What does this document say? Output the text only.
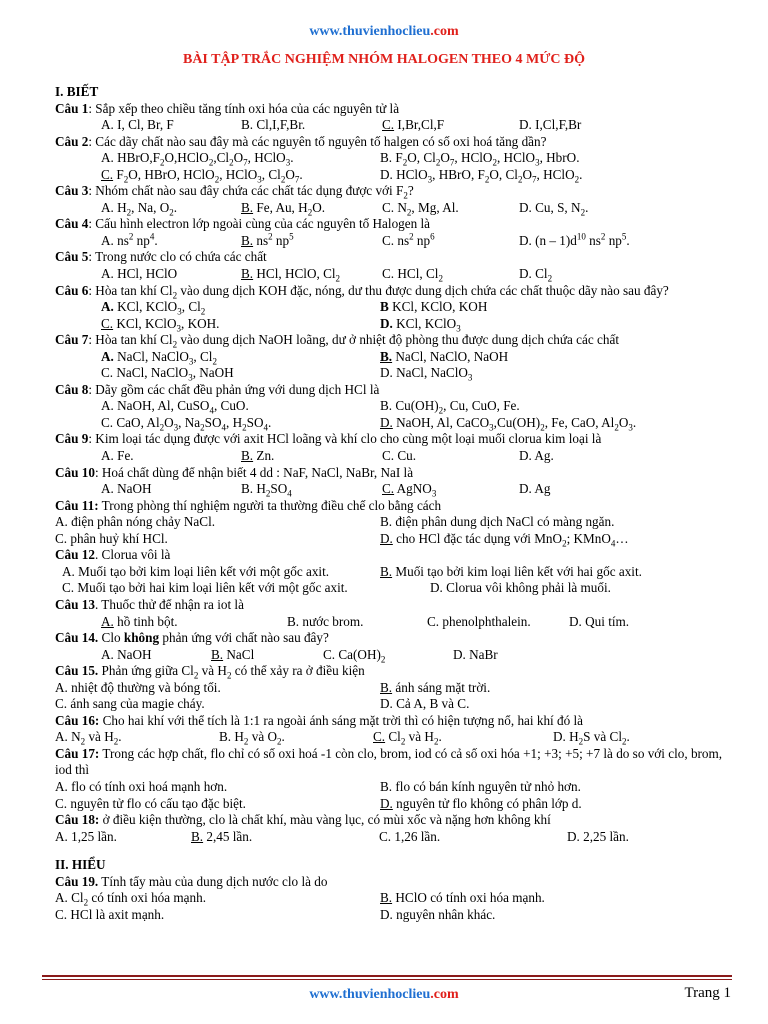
www.thuvienhoclieu.com
BÀI TẬP TRẮC NGHIỆM NHÓM HALOGEN THEO 4 MỨC ĐỘ
I. BIẾT
Câu 1: Sắp xếp theo chiều tăng tính oxi hóa của các nguyên tử là
A. I, Cl, Br, F	B. Cl,I,F,Br.	C. I,Br,Cl,F	D. I,Cl,F,Br
Câu 2: Các dãy chất nào sau đây mà các nguyên tố nguyên tố halgen có số oxi hoá tăng dần?
A. $HBrO,F_2O,HClO_2,Cl_2O_7$, HClO$_3$.	B. $F_2O$, $Cl_2O_7$, HClO$_2$, HClO$_3$, HbrO.
C. $F_2O$, HBrO, HClO$_2$, HClO$_3$, $Cl_2O_7$.	D. HClO$_3$, HBrO, $F_2O$, $Cl_2O_7$, HClO$_2$.
Câu 3: Nhóm chất nào sau đây chứa các chất tác dụng được với $F_2$?
A. $H_2$, Na, $O_2$.	B. Fe, Au, $H_2O$.	C. $N_2$, Mg, Al.	D. Cu, S, $N_2$.
Câu 4: Cấu hình electron lớp ngoài cùng của các nguyên tố Halogen là
A. $ns^2$ $np^4$.	B. $ns^2$ $np^5$	C. $ns^2$ $np^6$	D. $(n - 1)d^{10}$ $ns^2$ $np^5$.
Câu 5: Trong nước clo có chứa các chất
A. HCl, HClO	B. HCl, HClO, $Cl_2$	C. HCl, $Cl_2$	D. $Cl_2$
Câu 6: Hòa tan khí $Cl_2$ vào dung dịch KOH đặc, nóng, dư thu được dung dịch chứa các chất thuộc dãy nào sau đây?
A. KCl, KClO$_3$, $Cl_2$	B KCl, KClO, KOH
C. KCl, KClO$_3$, KOH.	D. KCl, KClO$_3$
Câu 7: Hòa tan khí $Cl_2$ vào dung dịch NaOH loãng, dư ở nhiệt độ phòng thu được dung dịch chứa các chất
A. NaCl, NaClO$_3$, $Cl_2$	B. NaCl, NaClO, NaOH
C. NaCl, NaClO$_3$, NaOH	D. NaCl, NaClO$_3$
Câu 8: Dãy gồm các chất đều phản ứng với dung dịch HCl là
A. NaOH, Al, CuSO$_4$, CuO.	B. $Cu(OH)_2$, Cu, CuO, Fe.
C. CaO, $Al_2O_3$, $Na_2SO_4$, $H_2SO_4$.	D. NaOH, Al, $CaCO_3,Cu(OH)_2$, Fe, CaO, $Al_2O_3$.
Câu 9: Kim loại tác dụng được với axit HCl loãng và khí clo cho cùng một loại muối clorua kim loại là
A. Fe.	B. Zn.	C. Cu.	D. Ag.
Câu 10: Hoá chất dùng để nhận biết 4 dd : NaF, NaCl, NaBr, NaI là
A. NaOH	B. $H_2SO_4$	C. AgNO$_3$	D. Ag
Câu 11: Trong phòng thí nghiệm người ta thường điều chế clo bằng cách
A. điện phân nóng chảy NaCl.	B. điện phân dung dịch NaCl có màng ngăn.
C. phân huỷ khí HCl.	D. cho HCl đặc tác dụng với MnO$_2$; KMnO$_4$…
Câu 12. Clorua vôi là
A. Muối tạo bởi kim loại liên kết với một gốc axit.	B. Muối tạo bởi kim loại liên kết với hai gốc axit.
C. Muối tạo bởi hai kim loại liên kết với một gốc axit.	D. Clorua vôi không phải là muối.
Câu 13. Thuốc thử để nhận ra iot là
A. hồ tinh bột.	B. nước brom.	C. phenolphthalein.	D. Qui tím.
Câu 14. Clo không phản ứng với chất nào sau đây?
A. NaOH	B. NaCl	C. $Ca(OH)_2$	D. NaBr
Câu 15. Phản ứng giữa $Cl_2$ và $H_2$ có thể xảy ra ở điều kiện
A. nhiệt độ thường và bóng tối.	B. ánh sáng mặt trời.
C. ánh sang của magie cháy.	D. Cả A, B và C.
Câu 16: Cho hai khí với thể tích là 1:1 ra ngoài ánh sáng mặt trời thì có hiện tượng nổ, hai khí đó là
A. $N_2$ và $H_2$.	B. $H_2$ và $O_2$.	C. $Cl_2$ và $H_2$.	D. $H_2S$ và $Cl_2$.
Câu 17: Trong các hợp chất, flo chỉ có số oxi hoá -1 còn clo, brom, iod có cả số oxi hóa +1; +3; +5; +7 là do so với clo, brom, iod thì
A. flo có tính oxi hoá mạnh hơn.	B. flo có bán kính nguyên tử nhỏ hơn.
C. nguyên tử flo có cấu tạo đặc biệt.	D. nguyên tử flo không có phân lớp d.
Câu 18: ở điều kiện thường, clo là chất khí, màu vàng lục, có mùi xốc và nặng hơn không khí
A. 1,25 lần.	B. 2,45 lần.	C. 1,26 lần.	D. 2,25 lần.
II. HIỂU
Câu 19. Tính tẩy màu của dung dịch nước clo là do
A. $Cl_2$ có tính oxi hóa mạnh.	B. HClO có tính oxi hóa mạnh.
C. HCl là axit mạnh.	D. nguyên nhân khác.
www.thuvienhoclieu.com	Trang 1
